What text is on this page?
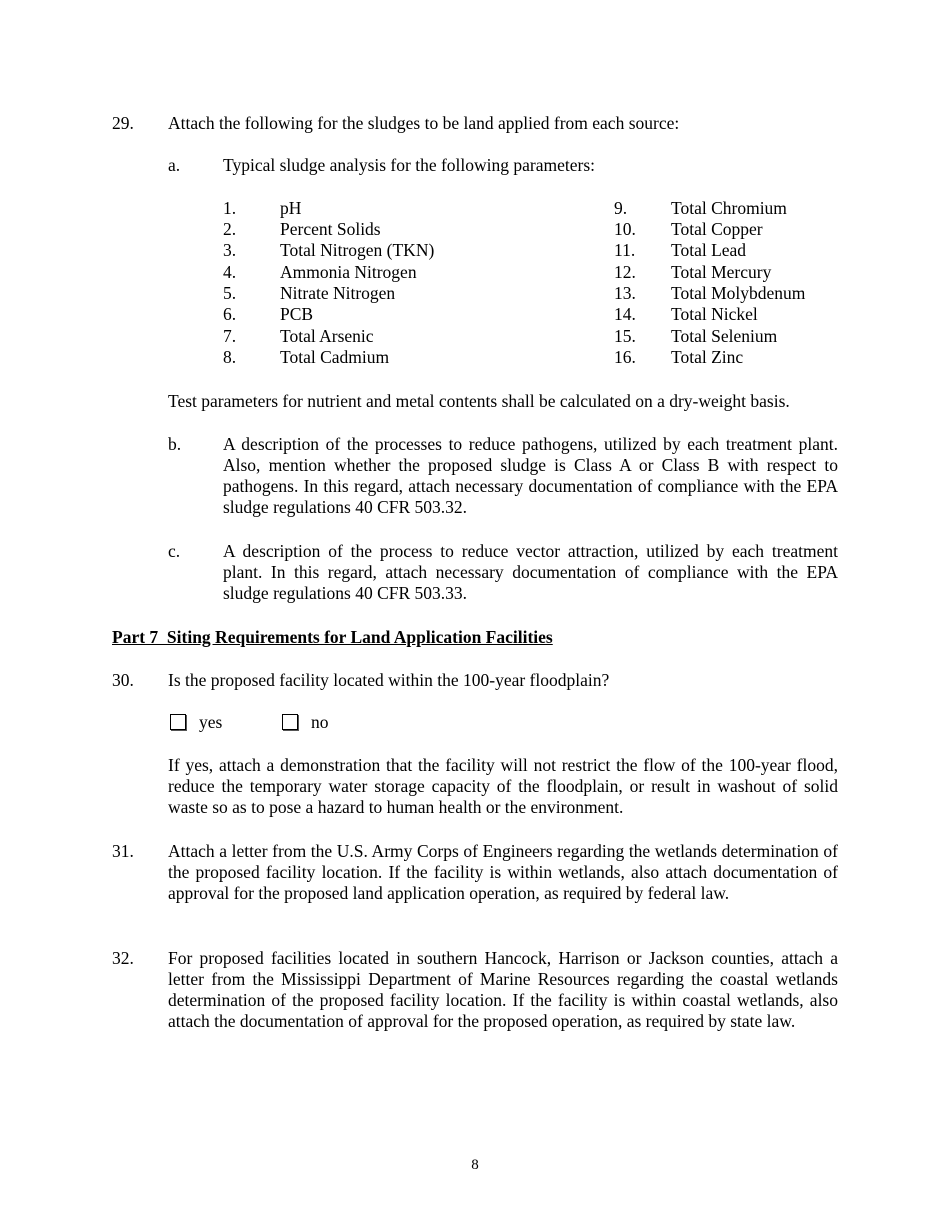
29. Attach the following for the sludges to be land applied from each source:
a. Typical sludge analysis for the following parameters:
1.	pH
2.	Percent Solids
3.	Total Nitrogen (TKN)
4.	Ammonia Nitrogen
5.	Nitrate Nitrogen
6.	PCB
7.	Total Arsenic
8.	Total Cadmium
9.	Total Chromium
10. Total Copper
11. Total Lead
12. Total Mercury
13. Total Molybdenum
14. Total Nickel
15. Total Selenium
16. Total Zinc
Test parameters for nutrient and metal contents shall be calculated on a dry-weight basis.
b. A description of the processes to reduce pathogens, utilized by each treatment plant. Also, mention whether the proposed sludge is Class A or Class B with respect to pathogens. In this regard, attach necessary documentation of compliance with the EPA sludge regulations 40 CFR 503.32.
c. A description of the process to reduce vector attraction, utilized by each treatment plant. In this regard, attach necessary documentation of compliance with the EPA sludge regulations 40 CFR 503.33.
Part 7  Siting Requirements for Land Application Facilities
30. Is the proposed facility located within the 100-year floodplain?
yes	no
If yes, attach a demonstration that the facility will not restrict the flow of the 100-year flood, reduce the temporary water storage capacity of the floodplain, or result in washout of solid waste so as to pose a hazard to human health or the environment.
31. Attach a letter from the U.S. Army Corps of Engineers regarding the wetlands determination of the proposed facility location. If the facility is within wetlands, also attach documentation of approval for the proposed land application operation, as required by federal law.
32. For proposed facilities located in southern Hancock, Harrison or Jackson counties, attach a letter from the Mississippi Department of Marine Resources regarding the coastal wetlands determination of the proposed facility location. If the facility is within coastal wetlands, also attach the documentation of approval for the proposed operation, as required by state law.
8
